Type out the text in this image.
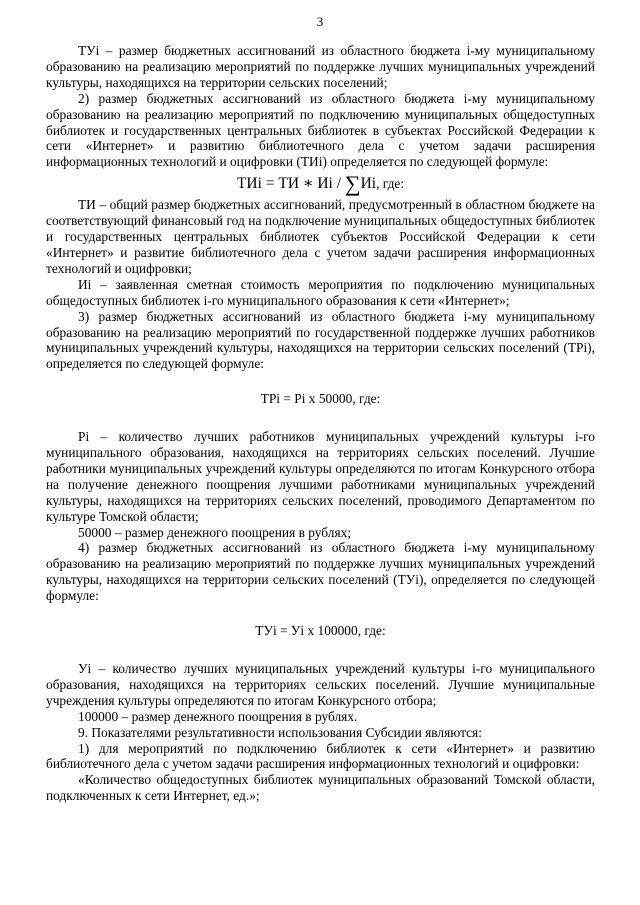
3

ТУi – размер бюджетных ассигнований из областного бюджета i-му муниципальному образованию на реализацию мероприятий по поддержке лучших муниципальных учреждений культуры, находящихся на территории сельских поселений;

2) размер бюджетных ассигнований из областного бюджета i-му муниципальному образованию на реализацию мероприятий по подключению муниципальных общедоступных библиотек и государственных центральных библиотек в субъектах Российской Федерации к сети «Интернет» и развитию библиотечного дела с учетом задачи расширения информационных технологий и оцифровки (ТИi) определяется по следующей формуле:

ТИi = ТИ ∗ Иi / ∑Иi, где:

ТИ – общий размер бюджетных ассигнований, предусмотренный в областном бюджете на соответствующий финансовый год на подключение муниципальных общедоступных библиотек и государственных центральных библиотек субъектов Российской Федерации к сети «Интернет» и развитие библиотечного дела с учетом задачи расширения информационных технологий и оцифровки;

Иi – заявленная сметная стоимость мероприятия по подключению муниципальных общедоступных библиотек i-го муниципального образования к сети «Интернет»;

3) размер бюджетных ассигнований из областного бюджета i-му муниципальному образованию на реализацию мероприятий по государственной поддержке лучших работников муниципальных учреждений культуры, находящихся на территории сельских поселений (ТРi), определяется по следующей формуле:

ТРi = Рi х 50000, где:

Рi – количество лучших работников муниципальных учреждений культуры i-го муниципального образования, находящихся на территориях сельских поселений. Лучшие работники муниципальных учреждений культуры определяются по итогам Конкурсного отбора на получение денежного поощрения лучшими работниками муниципальных учреждений культуры, находящихся на территориях сельских поселений, проводимого Департаментом по культуре Томской области;

50000 – размер денежного поощрения в рублях;

4) размер бюджетных ассигнований из областного бюджета i-му муниципальному образованию на реализацию мероприятий по поддержке лучших муниципальных учреждений культуры, находящихся на территории сельских поселений (ТУi), определяется по следующей формуле:

ТУi = Уi х 100000, где:

Уi – количество лучших муниципальных учреждений культуры i-го муниципального образования, находящихся на территориях сельских поселений. Лучшие муниципальные учреждения культуры определяются по итогам Конкурсного отбора;

100000 – размер денежного поощрения в рублях.

9. Показателями результативности использования Субсидии являются:

1) для мероприятий по подключению библиотек к сети «Интернет» и развитию библиотечного дела с учетом задачи расширения информационных технологий и оцифровки:

«Количество общедоступных библиотек муниципальных образований Томской области, подключенных к сети Интернет, ед.»;
